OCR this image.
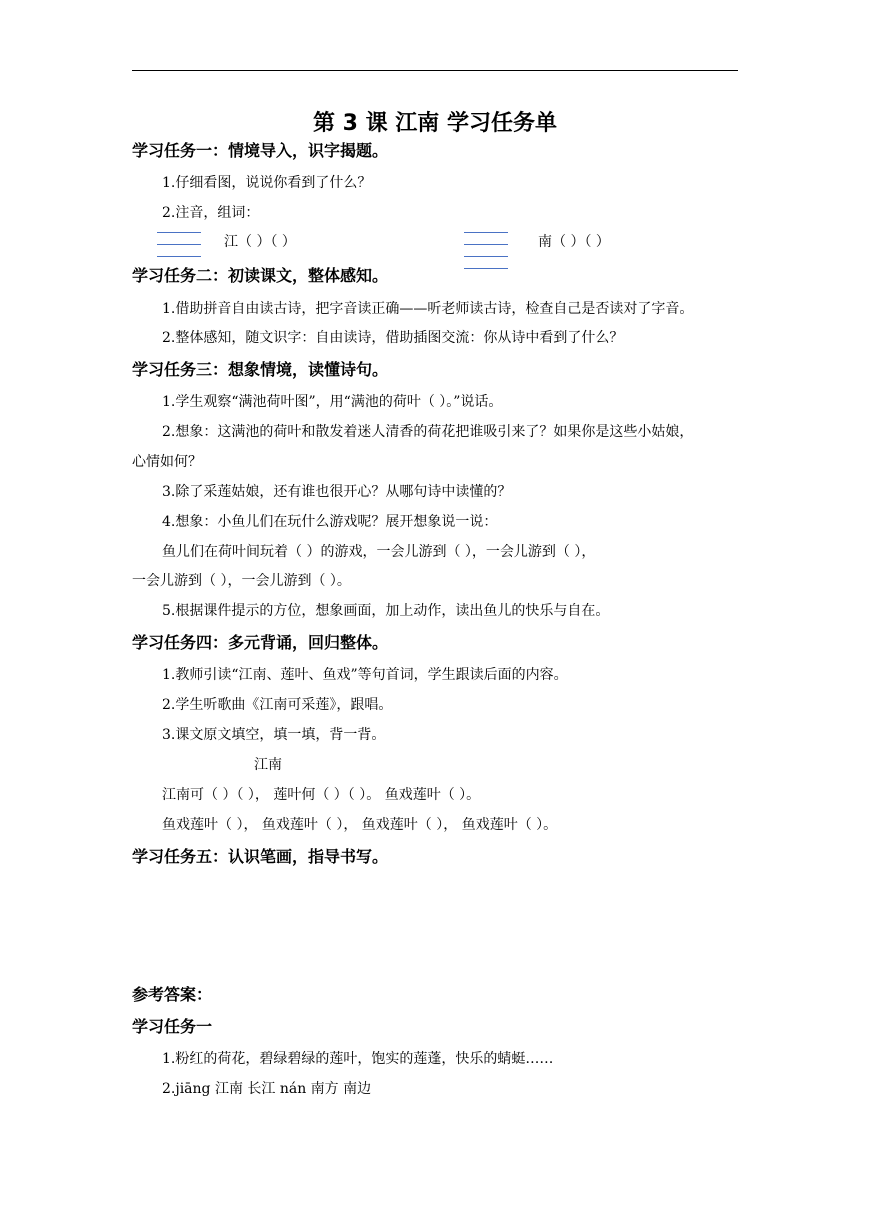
第 3 课 江南 学习任务单
学习任务一：情境导入，识字揭题。
1.仔细看图，说说你看到了什么？
2.注音，组词：
江（ ）（ ）	南（ ）（ ）
学习任务二：初读课文，整体感知。
1.借助拼音自由读古诗，把字音读正确——听老师读古诗，检查自己是否读对了字音。
2.整体感知，随文识字：自由读诗，借助插图交流：你从诗中看到了什么？
学习任务三：想象情境，读懂诗句。
1.学生观察“满池荷叶图”，用“满池的荷叶（ ）。”说话。
2.想象：这满池的荷叶和散发着迷人清香的荷花把谁吸引来了？如果你是这些小姑娘，
心情如何？
3.除了采莲姑娘，还有谁也很开心？从哪句诗中读懂的？
4.想象：小鱼儿们在玩什么游戏呢？展开想象说一说：
鱼儿们在荷叶间玩着（ ）的游戏，一会儿游到（ ），一会儿游到（ ），
一会儿游到（ ），一会儿游到（ ）。
5.根据课件提示的方位，想象画面，加上动作，读出鱼儿的快乐与自在。
学习任务四：多元背诵，回归整体。
1.教师引读“江南、莲叶、鱼戏”等句首词，学生跟读后面的内容。
2.学生听歌曲《江南可采莲》，跟唱。
3.课文原文填空，填一填，背一背。
江南
江南可（ ）（ ）， 莲叶何（ ）（ ）。 鱼戏莲叶（ ）。
鱼戏莲叶（ ）， 鱼戏莲叶（ ）， 鱼戏莲叶（ ）， 鱼戏莲叶（ ）。
学习任务五：认识笔画，指导书写。
参考答案：
学习任务一
1.粉红的荷花，碧绿碧绿的莲叶，饱实的莲蓬，快乐的蜻蜓……
2.jiāng 江南 长江 nán 南方 南边
